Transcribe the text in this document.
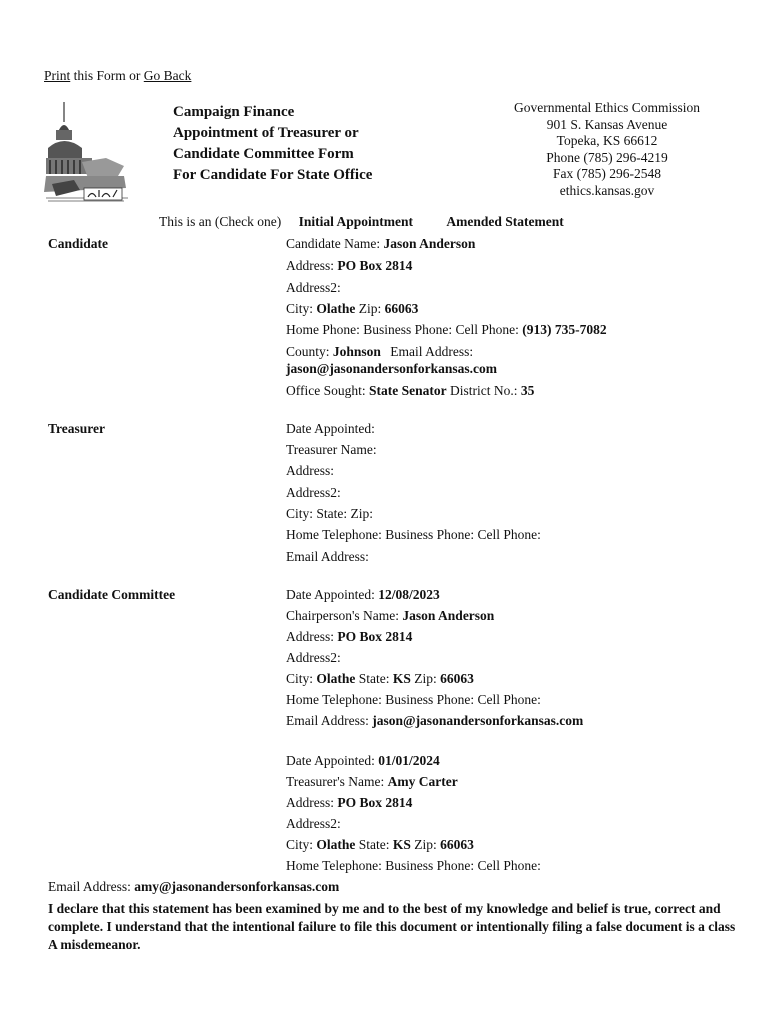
Print this Form or Go Back
Campaign Finance
Appointment of Treasurer or
Candidate Committee Form
For Candidate For State Office
Governmental Ethics Commission
901 S. Kansas Avenue
Topeka, KS 66612
Phone (785) 296-4219
Fax (785) 296-2548
ethics.kansas.gov
This is an (Check one) Initial Appointment Amended Statement
Candidate
Treasurer
Candidate Committee
Candidate Name: Jason Anderson
Address: PO Box 2814
Address2:
City: Olathe Zip: 66063
Home Phone: Business Phone: Cell Phone: (913) 735-7082
County: Johnson Email Address:
jason@jasonandersonforkansas.com
Office Sought: State Senator District No.: 35
Date Appointed:
Treasurer Name:
Address:
Address2:
City: State: Zip:
Home Telephone: Business Phone: Cell Phone:
Email Address:
Date Appointed: 12/08/2023
Chairperson's Name: Jason Anderson
Address: PO Box 2814
Address2:
City: Olathe State: KS Zip: 66063
Home Telephone: Business Phone: Cell Phone:
Email Address: jason@jasonandersonforkansas.com
Date Appointed: 01/01/2024
Treasurer's Name: Amy Carter
Address: PO Box 2814
Address2:
City: Olathe State: KS Zip: 66063
Home Telephone: Business Phone: Cell Phone:
Email Address: amy@jasonandersonforkansas.com
I declare that this statement has been examined by me and to the best of my knowledge and belief is true, correct and complete. I understand that the intentional failure to file this document or intentionally filing a false document is a class A misdemeanor.
